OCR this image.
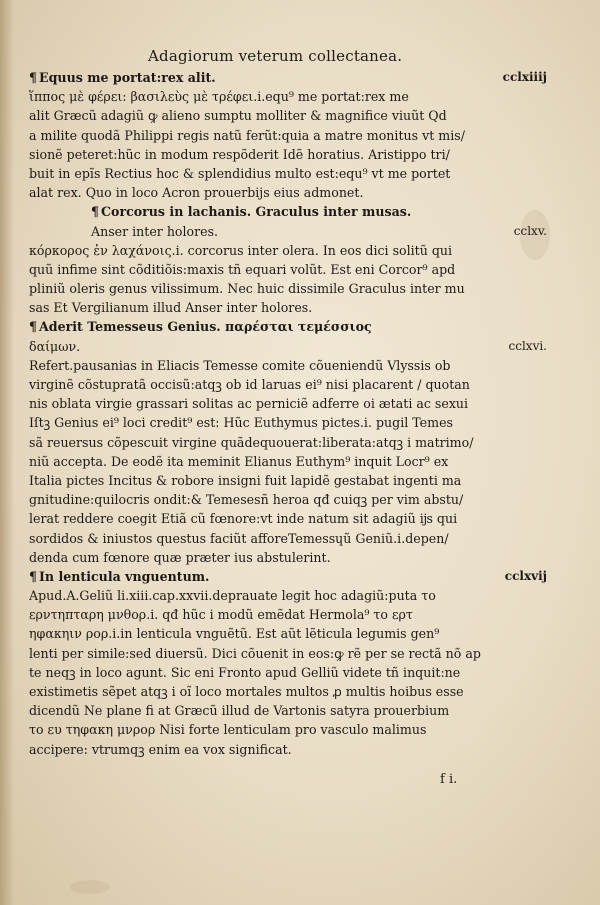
Adagiorum veterum collectanea.
¶ Equus me portat:rex alit.	cclxiiij
ἵππος μὲ φέρει: βασιλεὺς μὲ τρέφει.i.equ⁹ me portat:rex me
alit Græcũ adagiũ ꝙ alieno sumptu molliter & magnifice viuũt Qd
a milite quodã Philippi regis natũ ferũt:quia a matre monitus vt mis/
sionẽ peteret:hũc in modum respõderit Idẽ horatius. Aristippo tri/
buit in epĩs Rectius hoc & splendidius multo est:equ⁹ vt me portet
alat rex. Quo in loco Acron prouerbijs eius admonet.
¶ Corcorus in lachanis. Graculus inter musas.
Anser inter holores.	cclxv.
κόρκορος ἐν λαχάνοις.i. corcorus inter olera. In eos dici solitũ qui
quũ infime sint cõditiõis:maxis tñ equari volũt. Est eni Corcor⁹ apd
pliniũ oleris genus vilissimum. Nec huic dissimile Graculus inter mu
sas Et Vergilianum illud Anser inter holores.
¶ Aderit Temesseus Genius. παρέσται τεμέσσιος
δαίμων.	cclxvi.
Refert.pausanias in Eliacis Temesse comite cõueniendũ Vlyssis ob
virginẽ cõstupratã occisũ:atqꝫ ob id laruas ei⁹ nisi placarent / quotan
nis oblata virgie grassari solitas ac perniciẽ adferre oi ætati ac sexui
Iſtꝫ Genius ei⁹ loci credit⁹ est: Hũc Euthymus pictes.i. pugil Temes
sã reuersus cõpescuit virgine quãdequouerat:liberata:atqꝫ i matrimo/
niũ accepta. De eodẽ ita meminit Elianus Euthym⁹ inquit Locr⁹ ex
Italia pictes Incitus & robore insigni fuit lapidẽ gestabat ingenti ma
gnitudine:quilocris ondit:& Temesesñ heroa qđ cuiqꝫ per vim abstu/
lerat reddere coegit Etiã cũ fœnore:vt inde natum sit adagiũ ĳs qui
sordidos & iniustos questus faciũt afforeTemessɥũ Geniũ.i.depen/
denda cum fœnore quæ præter ius abstulerint.
¶ In lenticula vnguentum.	cclxvij
Apud.A.Geliũ li.xiii.cap.xxvii.deprauate legit hoc adagiũ:puta το
ερντηπταρη μνθορ.i. qđ hũc i modũ emẽdat Hermola⁹ το ερτ
ηφακηιν ρορ.i.in lenticula vnguẽtũ. Est aũt lẽticula legumis gen⁹
lenti per simile:sed diuersũ. Dici cõuenit in eos:ꝙ rẽ per se rectã nõ ap
te neqꝫ in loco agunt. Sic eni Fronto apud Gelliũ videte tñ inquit:ne
existimetis sẽpet atqꝫ i oĩ loco mortales multos ꝓ multis hoibus esse
dicendũ Ne plane fi at Græcũ illud de Vartonis satyra prouerbium
το ευ τηφακη μνρορ Nisi forte lenticulam pro vasculo malimus
accipere: vtrumqꝫ enim ea vox significat.
f i.
